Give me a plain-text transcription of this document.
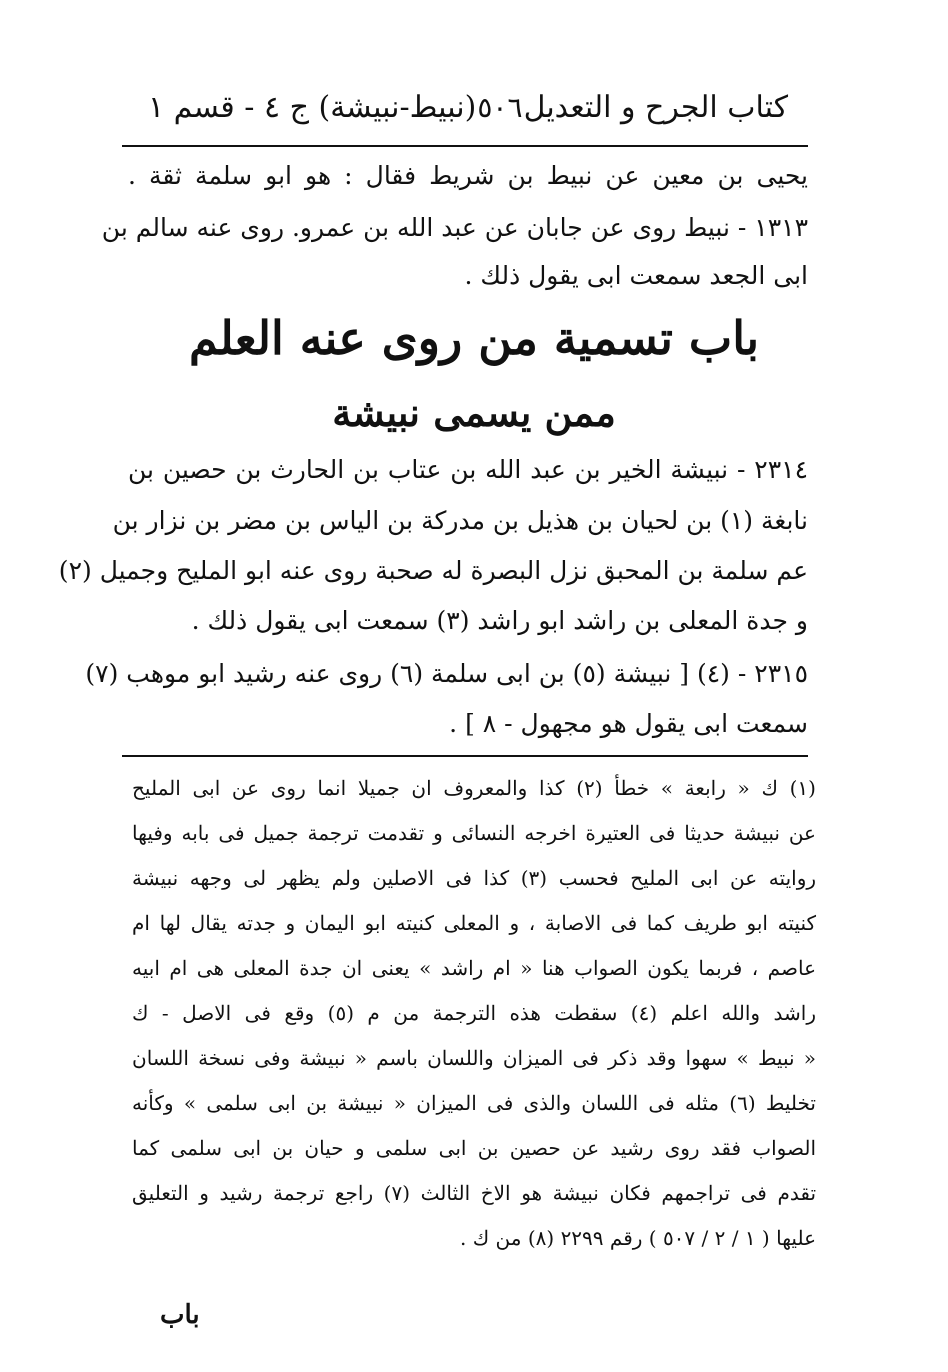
كتاب الجرح و التعديل
٥٠٦
(نبيط-نبيشة) ج ٤ - قسم ١
يحيى بن معين عن نبيط بن شريط فقال : هو ابو سلمة ثقة .
١٣١٣ - نبيط روى عن جابان عن عبد الله بن عمرو. روى عنه سالم بن
ابى الجعد سمعت ابى يقول ذلك .
باب تسمية من روى عنه العلم
ممن يسمى نبيشة
٢٣١٤ - نبيشة الخير بن عبد الله بن عتاب بن الحارث بن حصين بن
نابغة (١) بن لحيان بن هذيل بن مدركة بن الياس بن مضر بن نزار بن
عم سلمة بن المحبق نزل البصرة له صحبة روى عنه ابو المليح وجميل (٢)
و جدة المعلى بن راشد ابو راشد (٣) سمعت ابى يقول ذلك .
٢٣١٥ - (٤) [ نبيشة (٥) بن ابى سلمة (٦) روى عنه رشيد ابو موهب (٧)
سمعت ابى يقول هو مجهول - ٨ ] .
(١) ك « رابعة » خطأ (٢) كذا والمعروف ان جميلا انما روى عن ابى المليح
عن نبيشة حديثا فى العتيرة اخرجه النسائى و تقدمت ترجمة جميل فى بابه وفيها
روايته عن ابى المليح فحسب (٣) كذا فى الاصلين ولم يظهر لى وجهه نبيشة
كنيته ابو طريف كما فى الاصابة ، و المعلى كنيته ابو اليمان و جدته يقال لها ام
عاصم ، فربما يكون الصواب هنا « ام راشد » يعنى ان جدة المعلى هى ام ابيه
راشد والله اعلم (٤) سقطت هذه الترجمة من م (٥) وقع فى الاصل - ك
« نبيط » سهوا وقد ذكر فى الميزان واللسان باسم « نبيشة وفى نسخة اللسان
تخليط (٦) مثله فى اللسان والذى فى الميزان « نبيشة بن ابى سلمى » وكأنه
الصواب فقد روى رشيد عن حصين بن ابى سلمى و حيان بن ابى سلمى كما
تقدم فى تراجمهم فكان نبيشة هو الاخ الثالث (٧) راجع ترجمة رشيد و التعليق
عليها ( ١ / ٢ / ٥٠٧ ) رقم ٢٢٩٩ (٨) من ك .
باب
